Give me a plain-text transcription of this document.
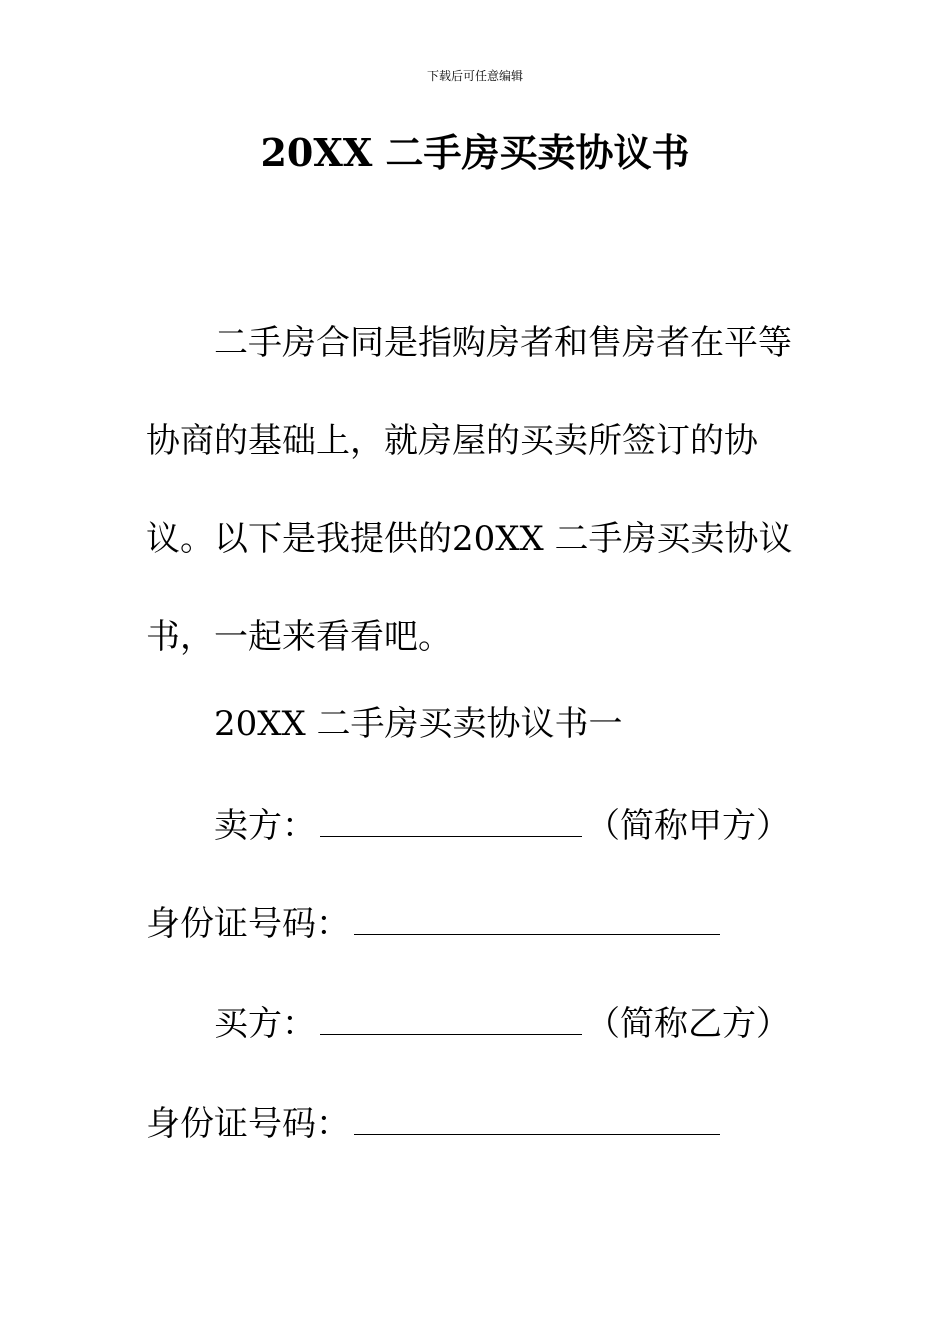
下载后可任意编辑
20XX 二手房买卖协议书

二手房合同是指购房者和售房者在平等协商的基础上，就房屋的买卖所签订的协议。以下是我提供的20XX 二手房买卖协议书，一起来看看吧。

20XX 二手房买卖协议书一
卖方：	（简称甲方）
身份证号码：
买方：	（简称乙方）
身份证号码：
